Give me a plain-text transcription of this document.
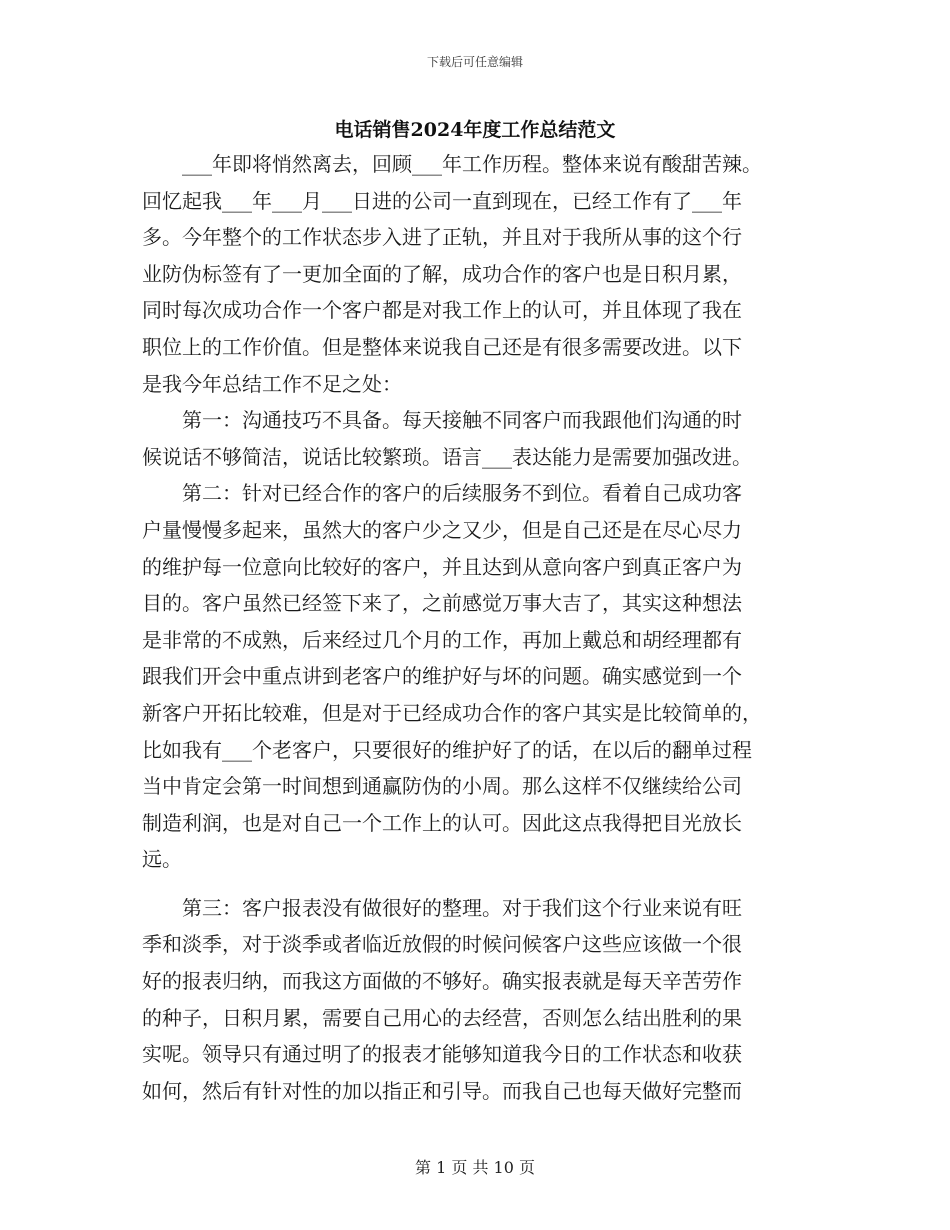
下载后可任意编辑
电话销售2024年度工作总结范文
　　___年即将悄然离去，回顾___年工作历程。整体来说有酸甜苦辣。
回忆起我___年___月___日进的公司一直到现在，已经工作有了___年
多。今年整个的工作状态步入进了正轨，并且对于我所从事的这个行
业防伪标签有了一更加全面的了解，成功合作的客户也是日积月累，
同时每次成功合作一个客户都是对我工作上的认可，并且体现了我在
职位上的工作价值。但是整体来说我自己还是有很多需要改进。以下
是我今年总结工作不足之处：
　　第一：沟通技巧不具备。每天接触不同客户而我跟他们沟通的时
候说话不够简洁，说话比较繁琐。语言___表达能力是需要加强改进。
　　第二：针对已经合作的客户的后续服务不到位。看着自己成功客
户量慢慢多起来，虽然大的客户少之又少，但是自己还是在尽心尽力
的维护每一位意向比较好的客户，并且达到从意向客户到真正客户为
目的。客户虽然已经签下来了，之前感觉万事大吉了，其实这种想法
是非常的不成熟，后来经过几个月的工作，再加上戴总和胡经理都有
跟我们开会中重点讲到老客户的维护好与坏的问题。确实感觉到一个
新客户开拓比较难，但是对于已经成功合作的客户其实是比较简单的，
比如我有___个老客户，只要很好的维护好了的话，在以后的翻单过程
当中肯定会第一时间想到通赢防伪的小周。那么这样不仅继续给公司
制造利润，也是对自己一个工作上的认可。因此这点我得把目光放长
远。
　　第三：客户报表没有做很好的整理。对于我们这个行业来说有旺
季和淡季，对于淡季或者临近放假的时候问候客户这些应该做一个很
好的报表归纳，而我这方面做的不够好。确实报表就是每天辛苦劳作
的种子，日积月累，需要自己用心的去经营，否则怎么结出胜利的果
实呢。领导只有通过明了的报表才能够知道我今日的工作状态和收获
如何，然后有针对性的加以指正和引导。而我自己也每天做好完整而
第 1 页 共 10 页
